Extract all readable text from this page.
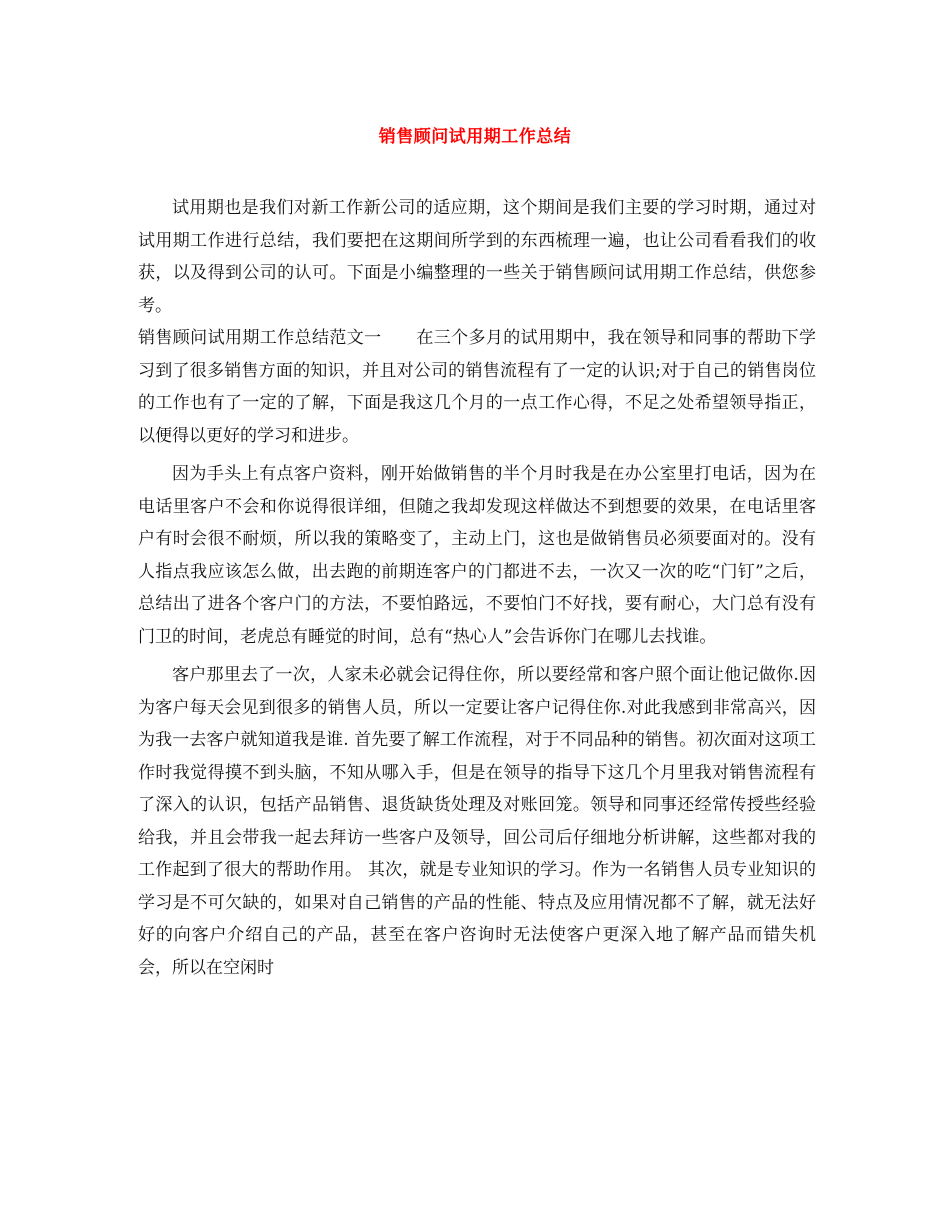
销售顾问试用期工作总结

试用期也是我们对新工作新公司的适应期，这个期间是我们主要的学习时期，通过对试用期工作进行总结，我们要把在这期间所学到的东西梳理一遍，也让公司看看我们的收获，以及得到公司的认可。下面是小编整理的一些关于销售顾问试用期工作总结，供您参考。

销售顾问试用期工作总结范文一　　在三个多月的试用期中，我在领导和同事的帮助下学习到了很多销售方面的知识，并且对公司的销售流程有了一定的认识;对于自己的销售岗位的工作也有了一定的了解，下面是我这几个月的一点工作心得，不足之处希望领导指正，以便得以更好的学习和进步。

因为手头上有点客户资料，刚开始做销售的半个月时我是在办公室里打电话，因为在电话里客户不会和你说得很详细，但随之我却发现这样做达不到想要的效果，在电话里客户有时会很不耐烦，所以我的策略变了，主动上门，这也是做销售员必须要面对的。没有人指点我应该怎么做，出去跑的前期连客户的门都进不去，一次又一次的吃“门钉”之后，总结出了进各个客户门的方法，不要怕路远，不要怕门不好找，要有耐心，大门总有没有门卫的时间，老虎总有睡觉的时间，总有“热心人”会告诉你门在哪儿去找谁。

客户那里去了一次，人家未必就会记得住你，所以要经常和客户照个面让他记做你.因为客户每天会见到很多的销售人员，所以一定要让客户记得住你.对此我感到非常高兴，因为我一去客户就知道我是谁. 首先要了解工作流程，对于不同品种的销售。初次面对这项工作时我觉得摸不到头脑，不知从哪入手，但是在领导的指导下这几个月里我对销售流程有了深入的认识，包括产品销售、退货缺货处理及对账回笼。领导和同事还经常传授些经验给我，并且会带我一起去拜访一些客户及领导，回公司后仔细地分析讲解，这些都对我的工作起到了很大的帮助作用。 其次，就是专业知识的学习。作为一名销售人员专业知识的学习是不可欠缺的，如果对自己销售的产品的性能、特点及应用情况都不了解，就无法好好的向客户介绍自己的产品，甚至在客户咨询时无法使客户更深入地了解产品而错失机会，所以在空闲时
